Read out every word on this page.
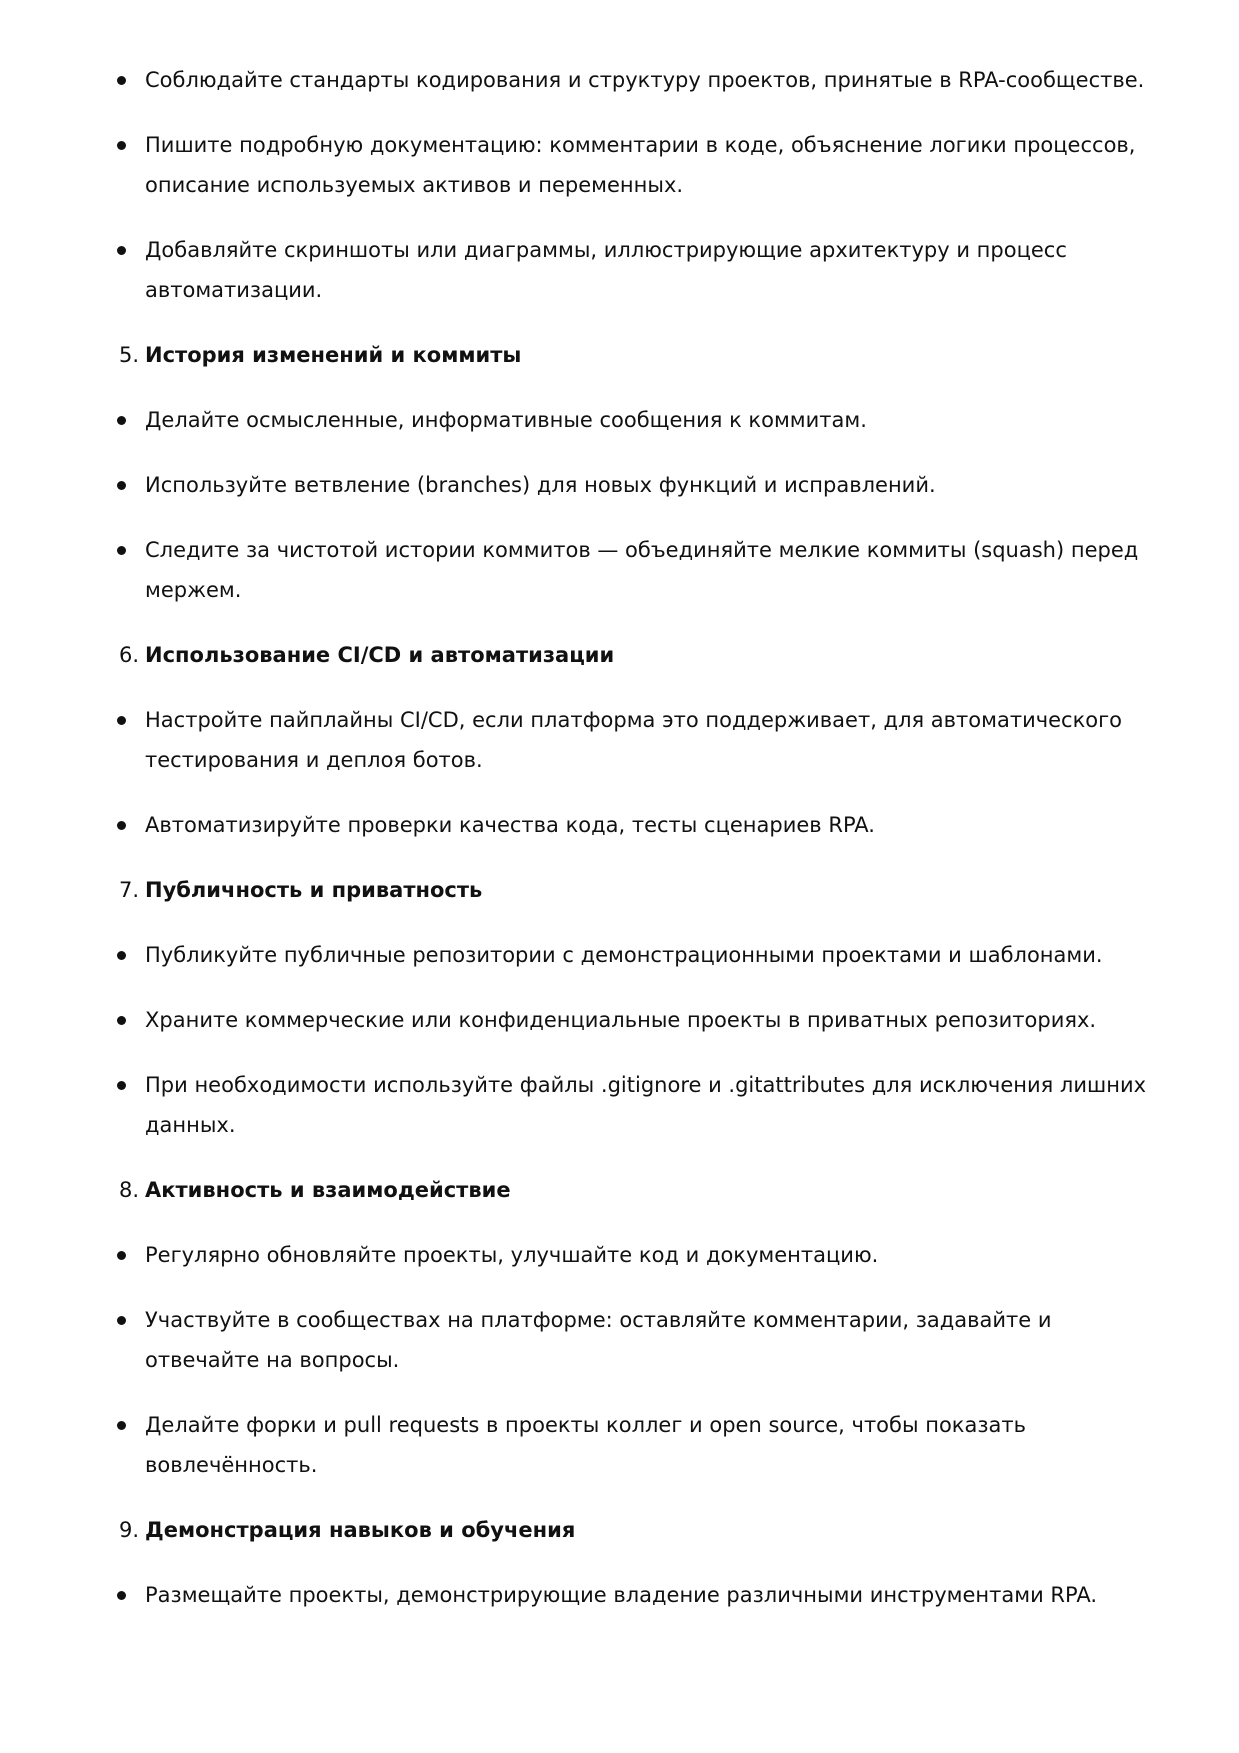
Соблюдайте стандарты кодирования и структуру проектов, принятые в RPA-сообществе.
Пишите подробную документацию: комментарии в коде, объяснение логики процессов, описание используемых активов и переменных.
Добавляйте скриншоты или диаграммы, иллюстрирующие архитектуру и процесс автоматизации.
5. История изменений и коммиты
Делайте осмысленные, информативные сообщения к коммитам.
Используйте ветвление (branches) для новых функций и исправлений.
Следите за чистотой истории коммитов — объединяйте мелкие коммиты (squash) перед мержем.
6. Использование CI/CD и автоматизации
Настройте пайплайны CI/CD, если платформа это поддерживает, для автоматического тестирования и деплоя ботов.
Автоматизируйте проверки качества кода, тесты сценариев RPA.
7. Публичность и приватность
Публикуйте публичные репозитории с демонстрационными проектами и шаблонами.
Храните коммерческие или конфиденциальные проекты в приватных репозиториях.
При необходимости используйте файлы .gitignore и .gitattributes для исключения лишних данных.
8. Активность и взаимодействие
Регулярно обновляйте проекты, улучшайте код и документацию.
Участвуйте в сообществах на платформе: оставляйте комментарии, задавайте и отвечайте на вопросы.
Делайте форки и pull requests в проекты коллег и open source, чтобы показать вовлечённость.
9. Демонстрация навыков и обучения
Размещайте проекты, демонстрирующие владение различными инструментами RPA.
